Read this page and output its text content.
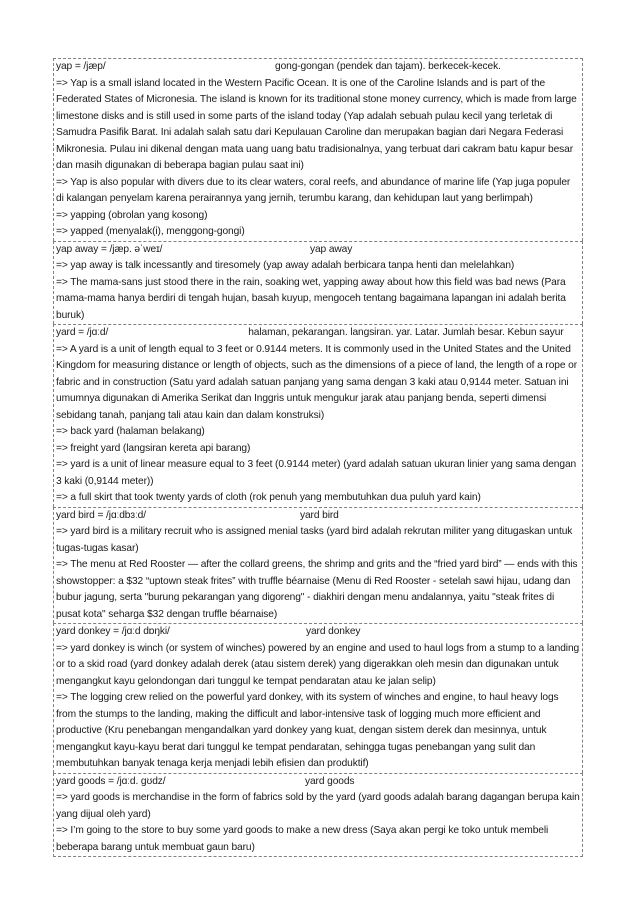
yap = /jæp/	gong-gongan (pendek dan tajam). berkecek-kecek.
=> Yap is a small island located in the Western Pacific Ocean. It is one of the Caroline Islands and is part of the Federated States of Micronesia. The island is known for its traditional stone money currency, which is made from large limestone disks and is still used in some parts of the island today (Yap adalah sebuah pulau kecil yang terletak di Samudra Pasifik Barat. Ini adalah salah satu dari Kepulauan Caroline dan merupakan bagian dari Negara Federasi Mikronesia. Pulau ini dikenal dengan mata uang uang batu tradisionalnya, yang terbuat dari cakram batu kapur besar dan masih digunakan di beberapa bagian pulau saat ini)
=> Yap is also popular with divers due to its clear waters, coral reefs, and abundance of marine life (Yap juga populer di kalangan penyelam karena perairannya yang jernih, terumbu karang, dan kehidupan laut yang berlimpah)
=> yapping (obrolan yang kosong)
=> yapped (menyalak(i), menggong-gongi)
yap away = /jæp. əˈweɪ/	yap away
=> yap away is talk incessantly and tiresomely (yap away adalah berbicara tanpa henti dan melelahkan)
=> The mama-sans just stood there in the rain, soaking wet, yapping away about how this field was bad news (Para mama-mama hanya berdiri di tengah hujan, basah kuyup, mengoceh tentang bagaimana lapangan ini adalah berita buruk)
yard = /jɑːd/	halaman, pekarangan. langsiran. yar. Latar. Jumlah besar. Kebun sayur
=> A yard is a unit of length equal to 3 feet or 0.9144 meters. It is commonly used in the United States and the United Kingdom for measuring distance or length of objects, such as the dimensions of a piece of land, the length of a rope or fabric and in construction (Satu yard adalah satuan panjang yang sama dengan 3 kaki atau 0,9144 meter. Satuan ini umumnya digunakan di Amerika Serikat dan Inggris untuk mengukur jarak atau panjang benda, seperti dimensi sebidang tanah, panjang tali atau kain dan dalam konstruksi)
=> back yard (halaman belakang)
=> freight yard (langsiran kereta api barang)
=> yard is a unit of linear measure equal to 3 feet (0.9144 meter) (yard adalah satuan ukuran linier yang sama dengan 3 kaki (0,9144 meter))
=> a full skirt that took twenty yards of cloth (rok penuh yang membutuhkan dua puluh yard kain)
yard bird = /jɑːdbɜːd/	yard bird
=> yard bird is a military recruit who is assigned menial tasks (yard bird adalah rekrutan militer yang ditugaskan untuk tugas-tugas kasar)
=> The menu at Red Rooster — after the collard greens, the shrimp and grits and the “fried yard bird” — ends with this showstopper: a $32 “uptown steak frites” with truffle béarnaise (Menu di Red Rooster - setelah sawi hijau, udang dan bubur jagung, serta "burung pekarangan yang digoreng" - diakhiri dengan menu andalannya, yaitu "steak frites di pusat kota" seharga $32 dengan truffle béarnaise)
yard donkey = /jɑːd dɒŋki/	yard donkey
=> yard donkey is winch (or system of winches) powered by an engine and used to haul logs from a stump to a landing or to a skid road (yard donkey adalah derek (atau sistem derek) yang digerakkan oleh mesin dan digunakan untuk mengangkut kayu gelondongan dari tunggul ke tempat pendaratan atau ke jalan selip)
=> The logging crew relied on the powerful yard donkey, with its system of winches and engine, to haul heavy logs from the stumps to the landing, making the difficult and labor-intensive task of logging much more efficient and productive (Kru penebangan mengandalkan yard donkey yang kuat, dengan sistem derek dan mesinnya, untuk mengangkut kayu-kayu berat dari tunggul ke tempat pendaratan, sehingga tugas penebangan yang sulit dan membutuhkan banyak tenaga kerja menjadi lebih efisien dan produktif)
yard goods = /jɑːd. ɡʊdz/	yard goods
=> yard goods is merchandise in the form of fabrics sold by the yard (yard goods adalah barang dagangan berupa kain yang dijual oleh yard)
=> I’m going to the store to buy some yard goods to make a new dress (Saya akan pergi ke toko untuk membeli beberapa barang untuk membuat gaun baru)
